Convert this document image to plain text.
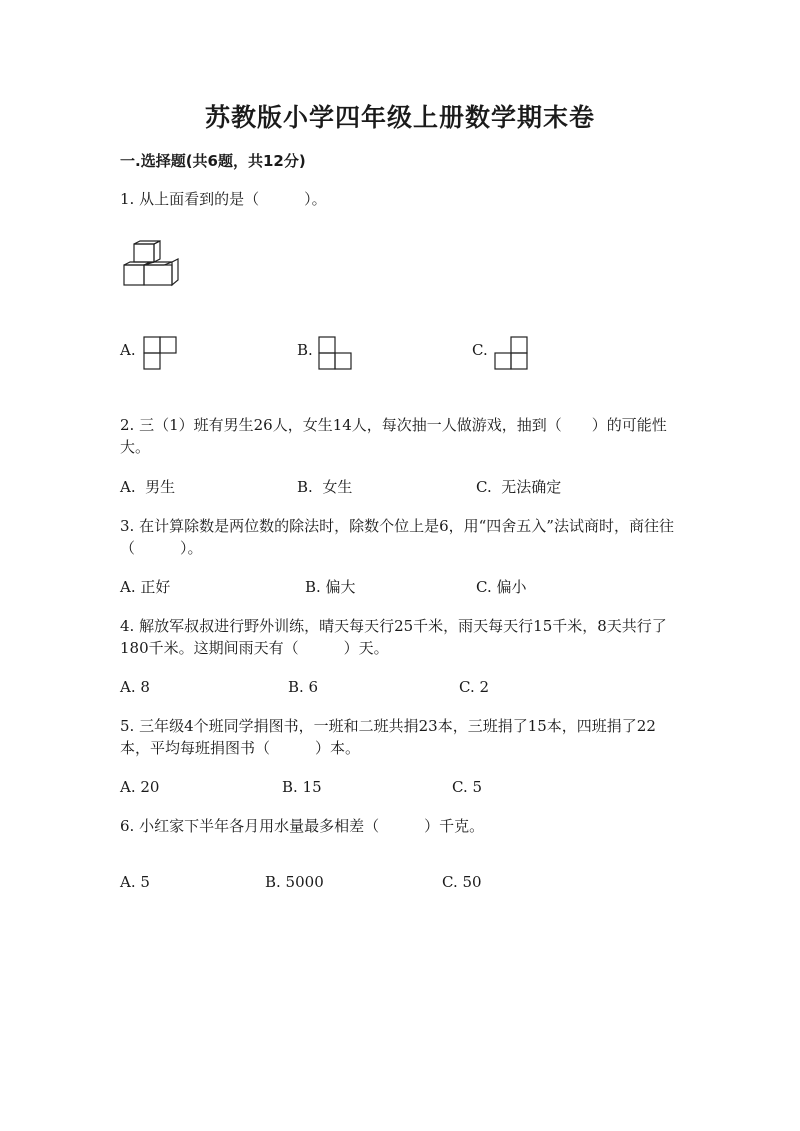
苏教版小学四年级上册数学期末卷
一.选择题(共6题，共12分)
1. 从上面看到的是（　　　）。
A.	B.	C.
2. 三（1）班有男生26人，女生14人，每次抽一人做游戏，抽到（　　）的可能性大。
A.  男生	B.  女生	C.  无法确定
3. 在计算除数是两位数的除法时，除数个位上是6，用“四舍五入”法试商时，商往往（　　　）。
A. 正好	B. 偏大	C. 偏小
4. 解放军叔叔进行野外训练，晴天每天行25千米，雨天每天行15千米，8天共行了180千米。这期间雨天有（　　　）天。
A. 8	B. 6	C. 2
5. 三年级4个班同学捐图书，一班和二班共捐23本，三班捐了15本，四班捐了22本，平均每班捐图书（　　　）本。
A. 20	B. 15	C. 5
6. 小红家下半年各月用水量最多相差（　　　）千克。
A. 5	B. 5000	C. 50
